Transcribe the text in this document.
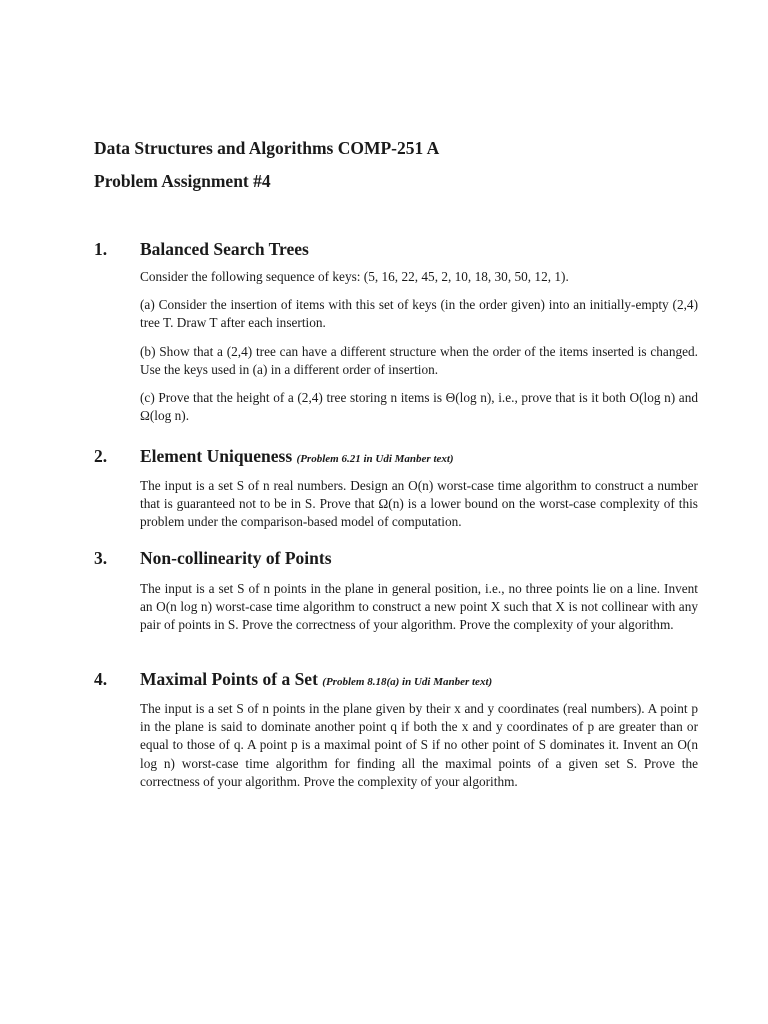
Data Structures and Algorithms COMP-251 A
Problem Assignment #4
1. Balanced Search Trees

Consider the following sequence of keys: (5, 16, 22, 45, 2, 10, 18, 30, 50, 12, 1).

(a) Consider the insertion of items with this set of keys (in the order given) into an initially-empty (2,4) tree T. Draw T after each insertion.

(b) Show that a (2,4) tree can have a different structure when the order of the items inserted is changed. Use the keys used in (a) in a different order of insertion.

(c) Prove that the height of a (2,4) tree storing n items is Θ(log n), i.e., prove that is it both O(log n) and Ω(log n).

2. Element Uniqueness (Problem 6.21 in Udi Manber text)

The input is a set S of n real numbers. Design an O(n) worst-case time algorithm to construct a number that is guaranteed not to be in S. Prove that Ω(n) is a lower bound on the worst-case complexity of this problem under the comparison-based model of computation.

3. Non-collinearity of Points

The input is a set S of n points in the plane in general position, i.e., no three points lie on a line. Invent an O(n log n) worst-case time algorithm to construct a new point X such that X is not collinear with any pair of points in S. Prove the correctness of your algorithm. Prove the complexity of your algorithm.

4. Maximal Points of a Set (Problem 8.18(a) in Udi Manber text)

The input is a set S of n points in the plane given by their x and y coordinates (real numbers). A point p in the plane is said to dominate another point q if both the x and y coordinates of p are greater than or equal to those of q. A point p is a maximal point of S if no other point of S dominates it. Invent an O(n log n) worst-case time algorithm for finding all the maximal points of a given set S. Prove the correctness of your algorithm. Prove the complexity of your algorithm.
